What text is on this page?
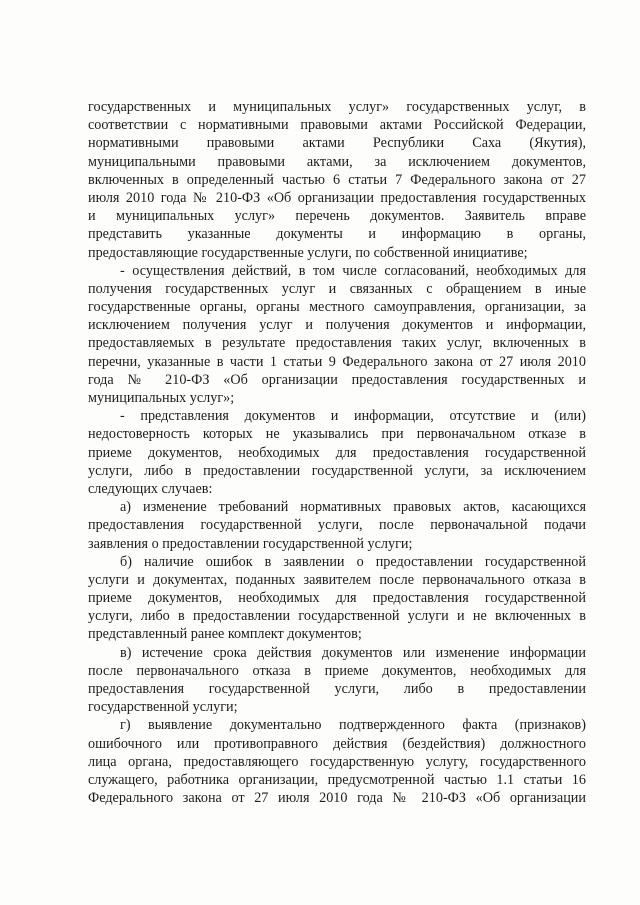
государственных и муниципальных услуг» государственных услуг, в
соответствии с нормативными правовыми актами Российской Федерации,
нормативными правовыми актами Республики Саха (Якутия),
муниципальными правовыми актами, за исключением документов,
включенных в определенный частью 6 статьи 7 Федерального закона от 27
июля 2010 года № 210-ФЗ «Об организации предоставления государственных
и муниципальных услуг» перечень документов. Заявитель вправе
представить указанные документы и информацию в органы,
предоставляющие государственные услуги, по собственной инициативе;
- осуществления действий, в том числе согласований, необходимых для
получения государственных услуг и связанных с обращением в иные
государственные органы, органы местного самоуправления, организации, за
исключением получения услуг и получения документов и информации,
предоставляемых в результате предоставления таких услуг, включенных в
перечни, указанные в части 1 статьи 9 Федерального закона от 27 июля 2010
года № 210-ФЗ «Об организации предоставления государственных и
муниципальных услуг»;
- представления документов и информации, отсутствие и (или)
недостоверность которых не указывались при первоначальном отказе в
приеме документов, необходимых для предоставления государственной
услуги, либо в предоставлении государственной услуги, за исключением
следующих случаев:
а) изменение требований нормативных правовых актов, касающихся
предоставления государственной услуги, после первоначальной подачи
заявления о предоставлении государственной услуги;
б) наличие ошибок в заявлении о предоставлении государственной
услуги и документах, поданных заявителем после первоначального отказа в
приеме документов, необходимых для предоставления государственной
услуги, либо в предоставлении государственной услуги и не включенных в
представленный ранее комплект документов;
в) истечение срока действия документов или изменение информации
после первоначального отказа в приеме документов, необходимых для
предоставления государственной услуги, либо в предоставлении
государственной услуги;
г) выявление документально подтвержденного факта (признаков)
ошибочного или противоправного действия (бездействия) должностного
лица органа, предоставляющего государственную услугу, государственного
служащего, работника организации, предусмотренной частью 1.1 статьи 16
Федерального закона от 27 июля 2010 года № 210-ФЗ «Об организации
